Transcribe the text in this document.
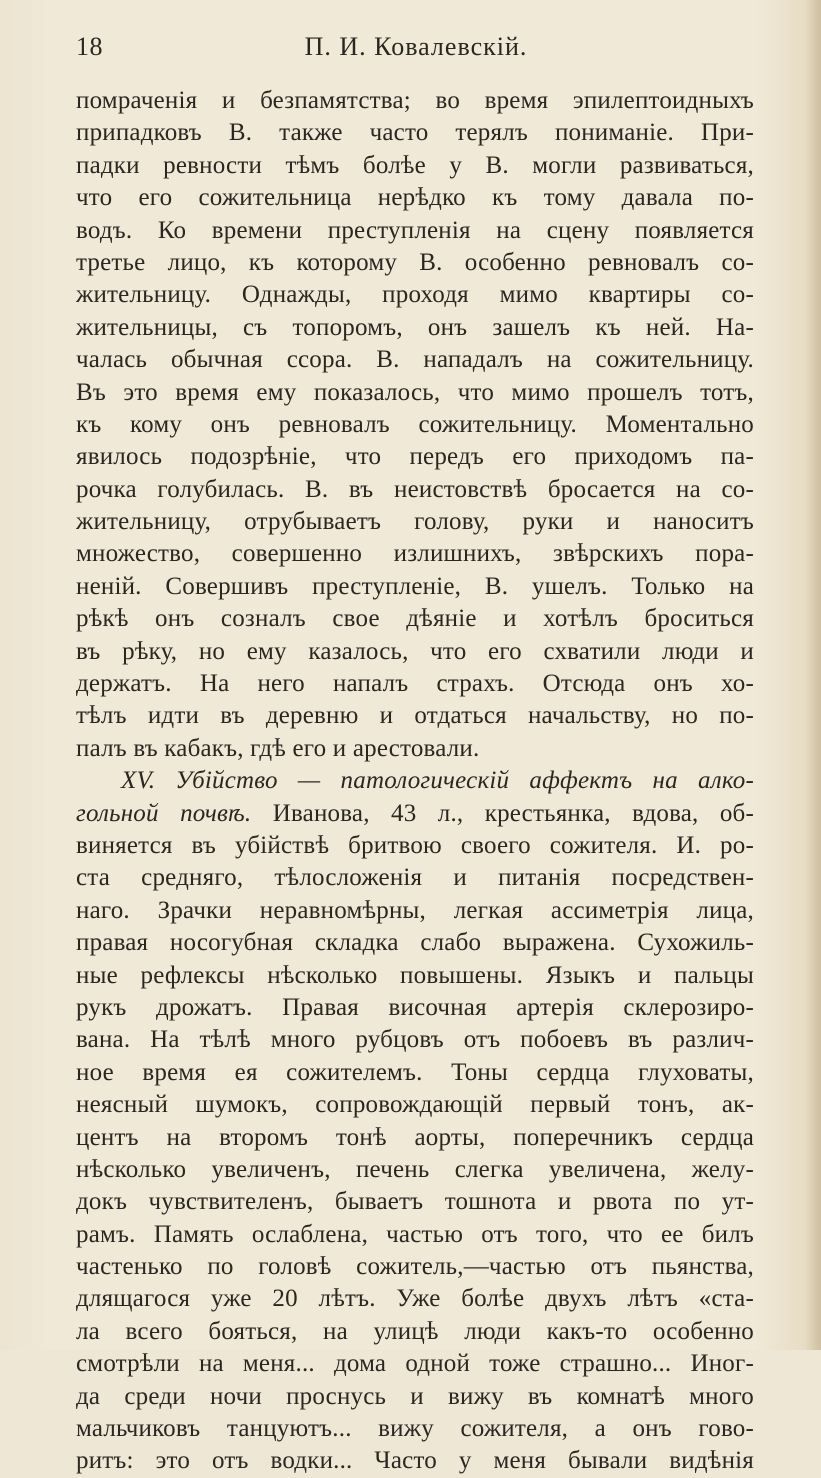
18	П. И. Ковалевскiй.
помраченiя и безпамятства; во время эпилептоидныхъ
припадковъ В. также часто терялъ пониманiе. При-
падки ревности тѣмъ болѣе у В. могли развиваться,
что его сожительница нерѣдко къ тому давала по-
водъ. Ко времени преступленiя на сцену появляется
третье лицо, къ которому В. особенно ревновалъ со-
жительницу. Однажды, проходя мимо квартиры со-
жительницы, съ топоромъ, онъ зашелъ къ ней. На-
чалась обычная ссора. В. нападалъ на сожительницу.
Въ это время ему показалось, что мимо прошелъ тотъ,
къ кому онъ ревновалъ сожительницу. Моментально
явилось подозрѣнiе, что передъ его приходомъ па-
рочка голубилась. В. въ неистовствѣ бросается на со-
жительницу, отрубываетъ голову, руки и наноситъ
множество, совершенно излишнихъ, звѣрскихъ пора-
ненiй. Совершивъ преступленiе, В. ушелъ. Только на
рѣкѣ онъ созналъ свое дѣянiе и хотѣлъ броситься
въ рѣку, но ему казалось, что его схватили люди и
держатъ. На него напалъ страхъ. Отсюда онъ хо-
тѣлъ идти въ деревню и отдаться начальству, но по-
палъ въ кабакъ, гдѣ его и арестовали.
XV. Убiйство — патологическiй аффектъ на алко-
гольной почвѣ. Иванова, 43 л., крестьянка, вдова, об-
виняется въ убiйствѣ бритвою своего сожителя. И. ро-
ста средняго, тѣлосложенiя и питанiя посредствен-
наго. Зрачки неравномѣрны, легкая ассиметрiя лица,
правая носогубная складка слабо выражена. Сухожиль-
ные рефлексы нѣсколько повышены. Языкъ и пальцы
рукъ дрожатъ. Правая височная артерiя склерозиро-
вана. На тѣлѣ много рубцовъ отъ побоевъ въ различ-
ное время ея сожителемъ. Тоны сердца глуховаты,
неясный шумокъ, сопровождающiй первый тонъ, ак-
центъ на второмъ тонѣ аорты, поперечникъ сердца
нѣсколько увеличенъ, печень слегка увеличена, желу-
докъ чувствителенъ, бываетъ тошнота и рвота по ут-
рамъ. Память ослаблена, частью отъ того, что ее билъ
частенько по головѣ сожитель,—частью отъ пьянства,
длящагося уже 20 лѣтъ. Уже болѣе двухъ лѣтъ «ста-
ла всего бояться, на улицѣ люди какъ-то особенно
смотрѣли на меня... дома одной тоже страшно... Иног-
да среди ночи проснусь и вижу въ комнатѣ много
мальчиковъ танцуютъ... вижу сожителя, а онъ гово-
ритъ: это отъ водки... Часто у меня бывали видѣнiя
